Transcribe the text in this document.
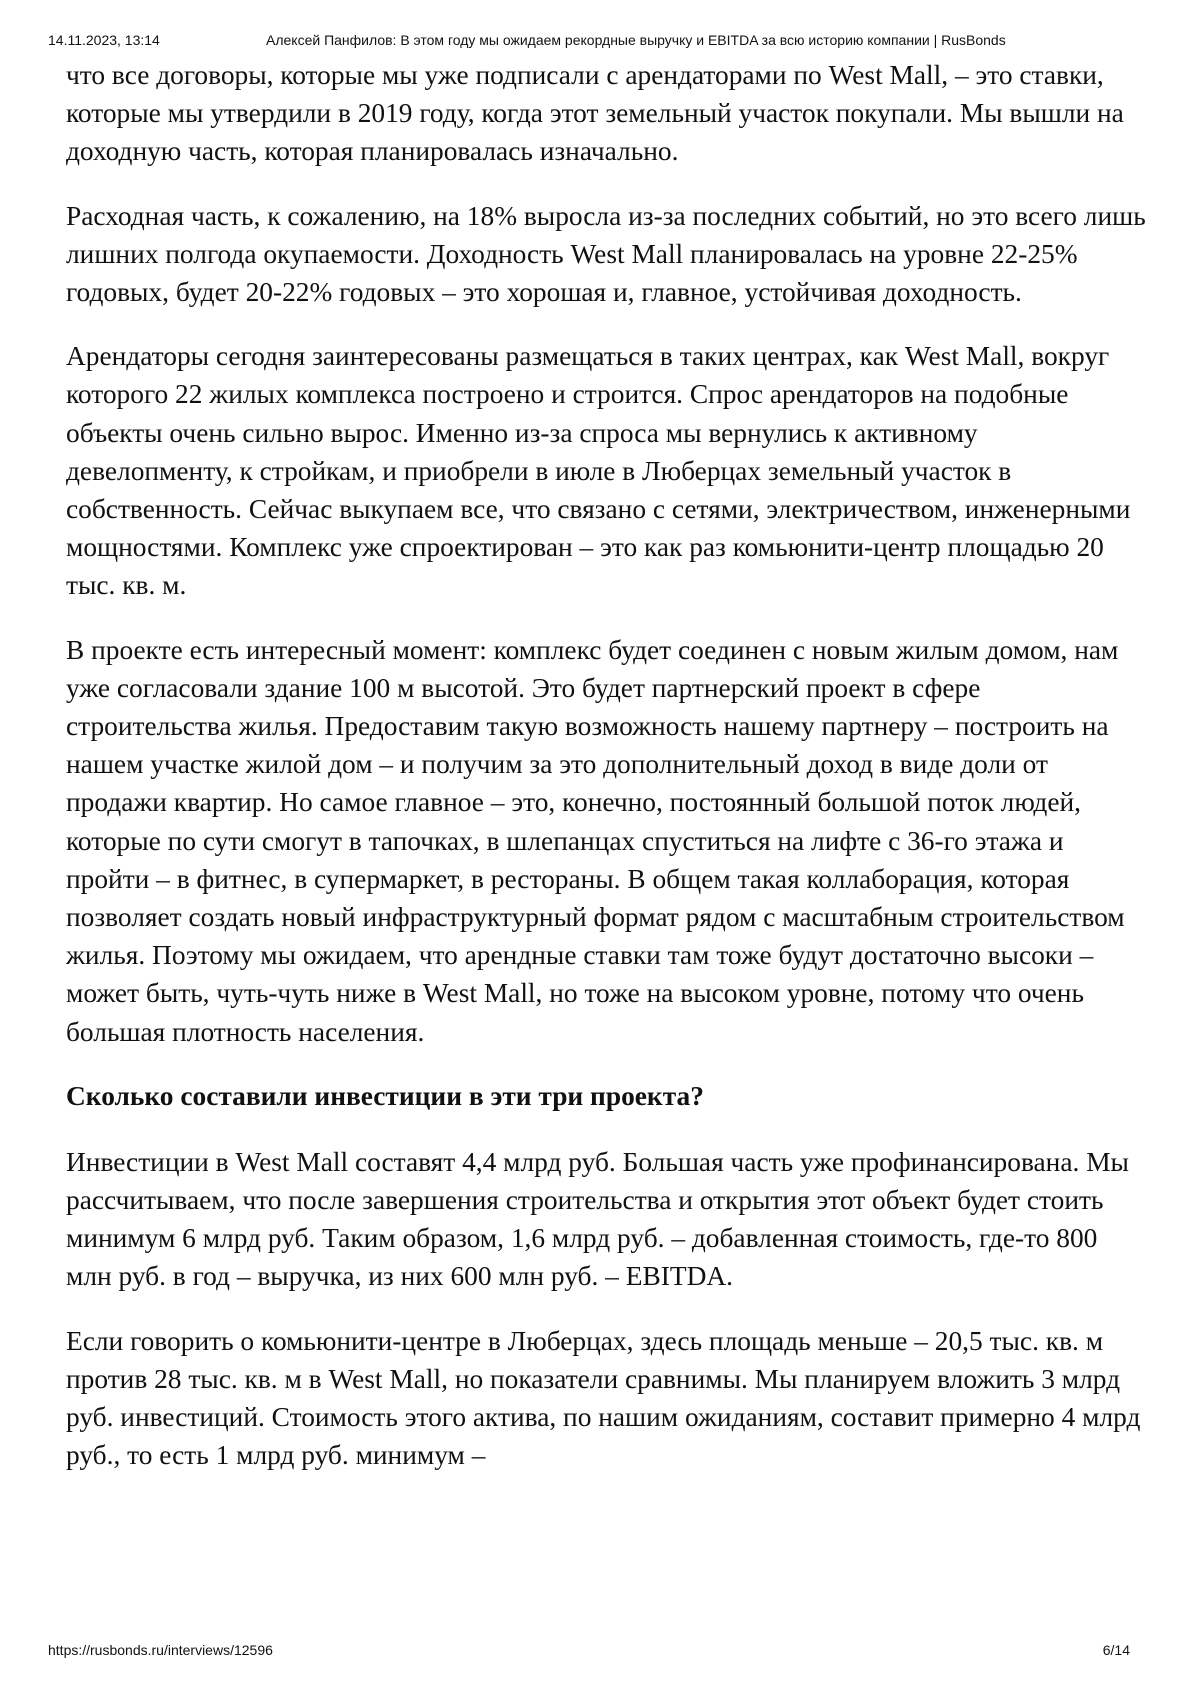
14.11.2023, 13:14	Алексей Панфилов: В этом году мы ожидаем рекордные выручку и EBITDA за всю историю компании | RusBonds

что все договоры, которые мы уже подписали с арендаторами по West Mall, – это ставки, которые мы утвердили в 2019 году, когда этот земельный участок покупали. Мы вышли на доходную часть, которая планировалась изначально.

Расходная часть, к сожалению, на 18% выросла из-за последних событий, но это всего лишь лишних полгода окупаемости. Доходность West Mall планировалась на уровне 22-25% годовых, будет 20-22% годовых – это хорошая и, главное, устойчивая доходность.

Арендаторы сегодня заинтересованы размещаться в таких центрах, как West Mall, вокруг которого 22 жилых комплекса построено и строится. Спрос арендаторов на подобные объекты очень сильно вырос. Именно из-за спроса мы вернулись к активному девелопменту, к стройкам, и приобрели в июле в Люберцах земельный участок в собственность. Сейчас выкупаем все, что связано с сетями, электричеством, инженерными мощностями. Комплекс уже спроектирован – это как раз комьюнити-центр площадью 20 тыс. кв. м.

В проекте есть интересный момент: комплекс будет соединен с новым жилым домом, нам уже согласовали здание 100 м высотой. Это будет партнерский проект в сфере строительства жилья. Предоставим такую возможность нашему партнеру – построить на нашем участке жилой дом – и получим за это дополнительный доход в виде доли от продажи квартир. Но самое главное – это, конечно, постоянный большой поток людей, которые по сути смогут в тапочках, в шлепанцах спуститься на лифте с 36-го этажа и пройти – в фитнес, в супермаркет, в рестораны. В общем такая коллаборация, которая позволяет создать новый инфраструктурный формат рядом с масштабным строительством жилья. Поэтому мы ожидаем, что арендные ставки там тоже будут достаточно высоки – может быть, чуть-чуть ниже в West Mall, но тоже на высоком уровне, потому что очень большая плотность населения.

Сколько составили инвестиции в эти три проекта?

Инвестиции в West Mall составят 4,4 млрд руб. Большая часть уже профинансирована. Мы рассчитываем, что после завершения строительства и открытия этот объект будет стоить минимум 6 млрд руб. Таким образом, 1,6 млрд руб. – добавленная стоимость, где-то 800 млн руб. в год – выручка, из них 600 млн руб. – EBITDA.

Если говорить о комьюнити-центре в Люберцах, здесь площадь меньше – 20,5 тыс. кв. м против 28 тыс. кв. м в West Mall, но показатели сравнимы. Мы планируем вложить 3 млрд руб. инвестиций. Стоимость этого актива, по нашим ожиданиям, составит примерно 4 млрд руб., то есть 1 млрд руб. минимум –

https://rusbonds.ru/interviews/12596	6/14
